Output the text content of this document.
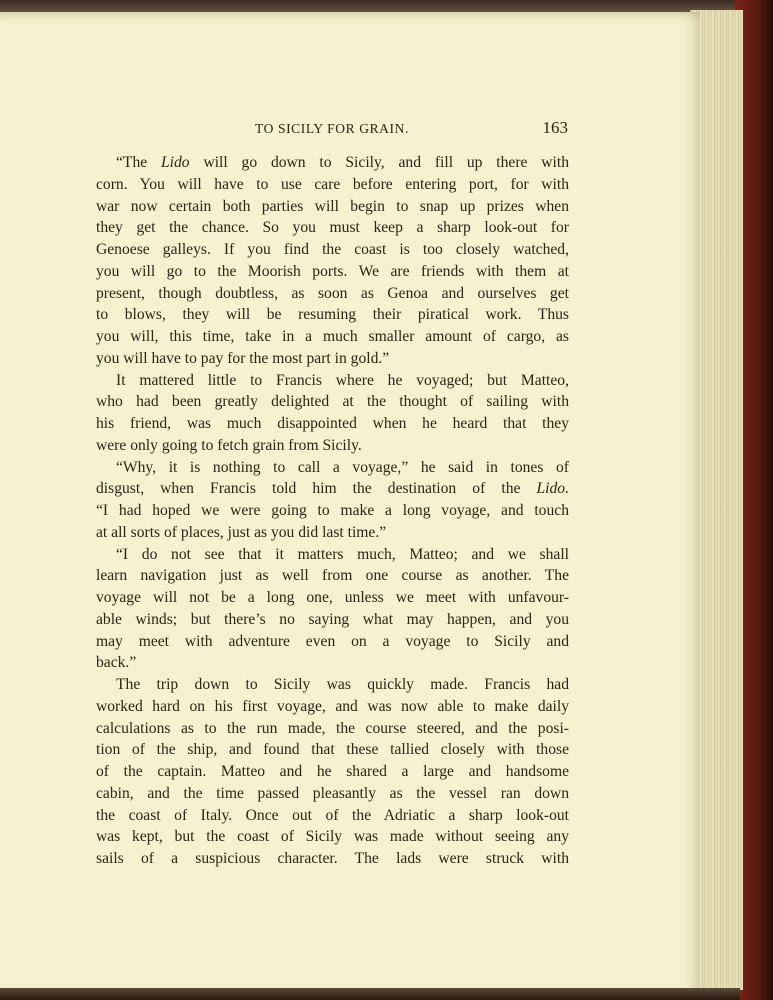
TO SICILY FOR GRAIN.	163
“The Lido will go down to Sicily, and fill up there with
corn. You will have to use care before entering port, for with
war now certain both parties will begin to snap up prizes when
they get the chance. So you must keep a sharp look-out for
Genoese galleys. If you find the coast is too closely watched,
you will go to the Moorish ports. We are friends with them at
present, though doubtless, as soon as Genoa and ourselves get
to blows, they will be resuming their piratical work. Thus
you will, this time, take in a much smaller amount of cargo, as
you will have to pay for the most part in gold.”
It mattered little to Francis where he voyaged; but Matteo,
who had been greatly delighted at the thought of sailing with
his friend, was much disappointed when he heard that they
were only going to fetch grain from Sicily.
“Why, it is nothing to call a voyage,” he said in tones of
disgust, when Francis told him the destination of the Lido.
“I had hoped we were going to make a long voyage, and touch
at all sorts of places, just as you did last time.”
“I do not see that it matters much, Matteo; and we shall
learn navigation just as well from one course as another. The
voyage will not be a long one, unless we meet with unfavour-
able winds; but there’s no saying what may happen, and you
may meet with adventure even on a voyage to Sicily and
back.”
The trip down to Sicily was quickly made. Francis had
worked hard on his first voyage, and was now able to make daily
calculations as to the run made, the course steered, and the posi-
tion of the ship, and found that these tallied closely with those
of the captain. Matteo and he shared a large and handsome
cabin, and the time passed pleasantly as the vessel ran down
the coast of Italy. Once out of the Adriatic a sharp look-out
was kept, but the coast of Sicily was made without seeing any
sails of a suspicious character. The lads were struck with
